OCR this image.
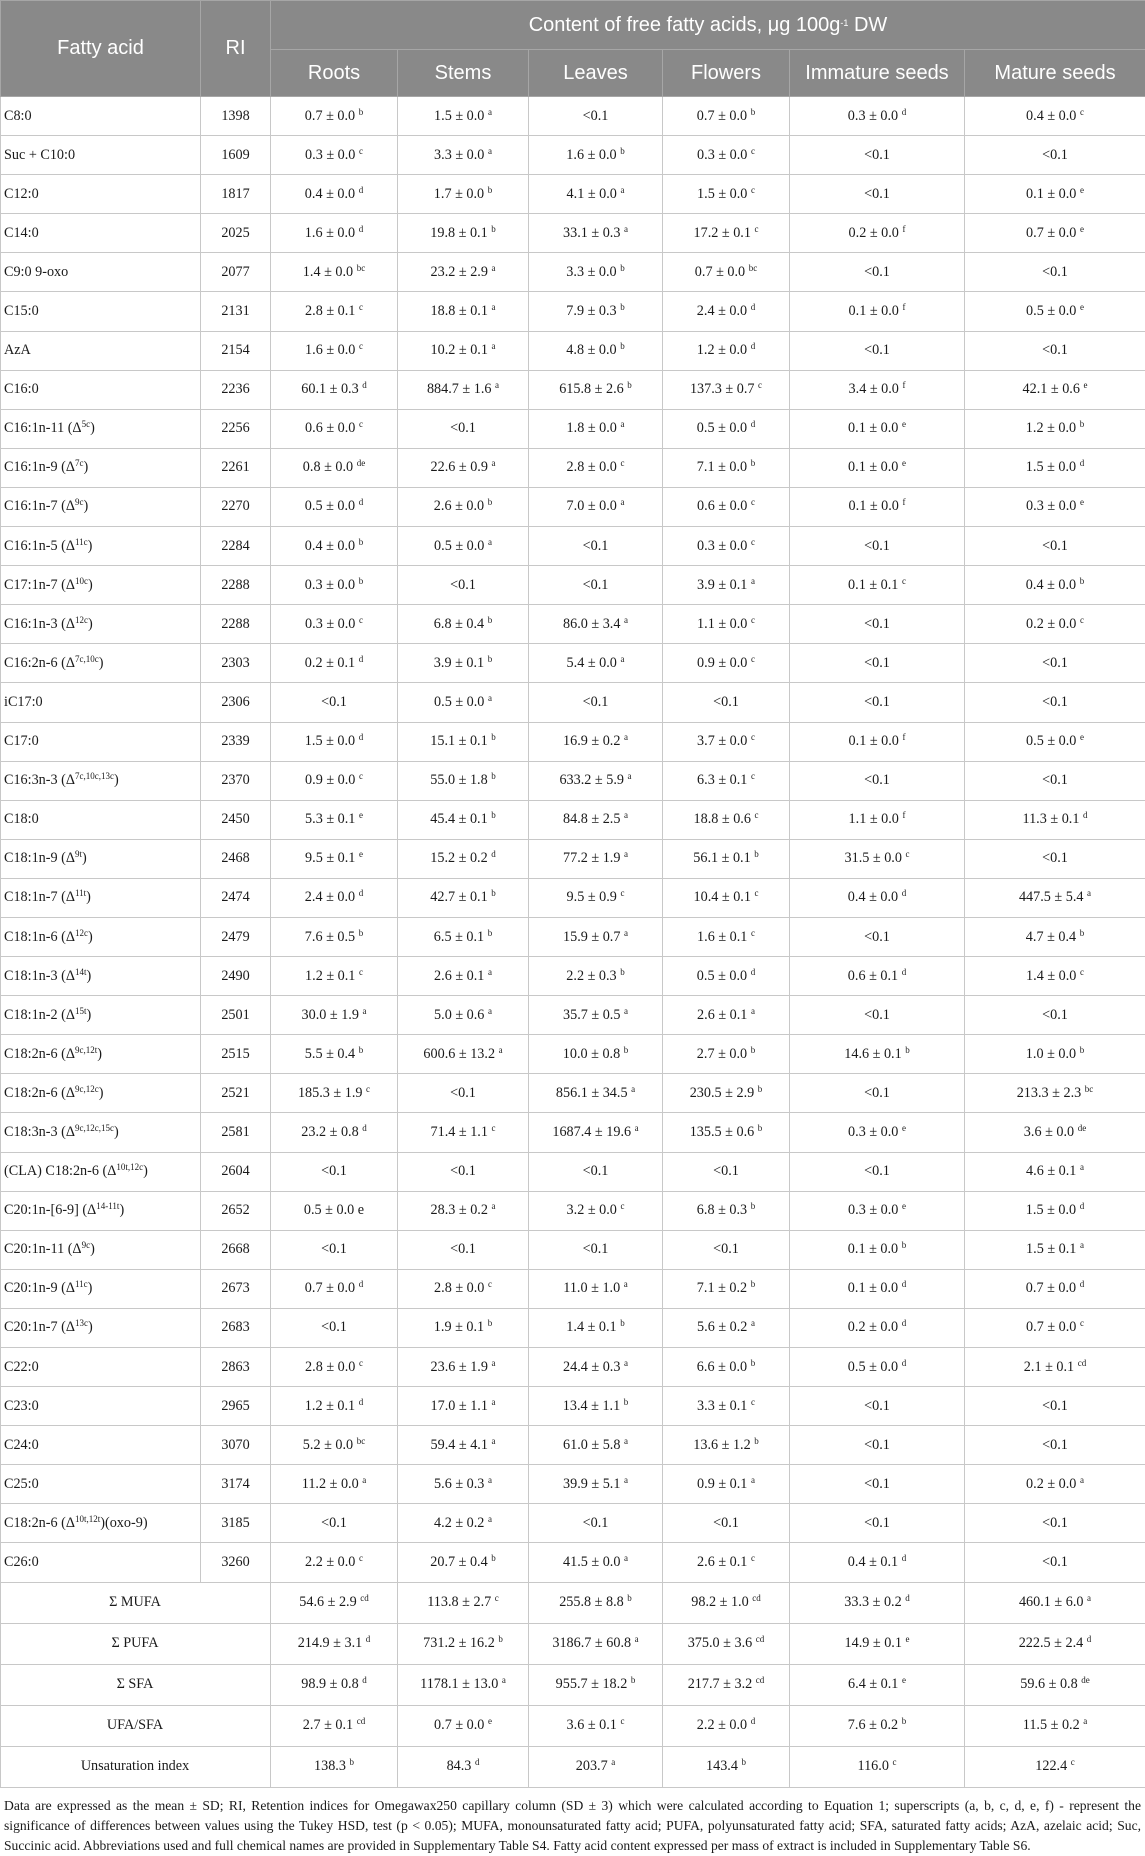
Fatty acid	RI	Content of free fatty acids, μg $100g^{-1}$ DW					
		Roots	Stems	Leaves	Flowers	Immature seeds	Mature seeds
C8:0	1398	0.7 ± 0.0 $^b$	1.5 ± 0.0 $^a$	<0.1	0.7 ± 0.0 $^b$	0.3 ± 0.0 $^d$	0.4 ± 0.0 $^c$
Suc + C10:0	1609	0.3 ± 0.0 $^c$	3.3 ± 0.0 $^a$	1.6 ± 0.0 $^b$	0.3 ± 0.0 $^c$	<0.1	<0.1
C12:0	1817	0.4 ± 0.0 $^d$	1.7 ± 0.0 $^b$	4.1 ± 0.0 $^a$	1.5 ± 0.0 $^c$	<0.1	0.1 ± 0.0 $^e$
C14:0	2025	1.6 ± 0.0 $^d$	19.8 ± 0.1 $^b$	33.1 ± 0.3 $^a$	17.2 ± 0.1 $^c$	0.2 ± 0.0 $^f$	0.7 ± 0.0 $^e$
C9:0 9-oxo	2077	1.4 ± 0.0 $^{bc}$	23.2 ± 2.9 $^a$	3.3 ± 0.0 $^b$	0.7 ± 0.0 $^{bc}$	<0.1	<0.1
C15:0	2131	2.8 ± 0.1 $^c$	18.8 ± 0.1 $^a$	7.9 ± 0.3 $^b$	2.4 ± 0.0 $^d$	0.1 ± 0.0 $^f$	0.5 ± 0.0 $^e$
AzA	2154	1.6 ± 0.0 $^c$	10.2 ± 0.1 $^a$	4.8 ± 0.0 $^b$	1.2 ± 0.0 $^d$	<0.1	<0.1
C16:0	2236	60.1 ± 0.3 $^d$	884.7 ± 1.6 $^a$	615.8 ± 2.6 $^b$	137.3 ± 0.7 $^c$	3.4 ± 0.0 $^f$	42.1 ± 0.6 $^e$
C16:1n-11 $(\Delta^{5c})$	2256	0.6 ± 0.0 $^c$	<0.1	1.8 ± 0.0 $^a$	0.5 ± 0.0 $^d$	0.1 ± 0.0 $^e$	1.2 ± 0.0 $^b$
C16:1n-9 $(\Delta^{7c})$	2261	0.8 ± 0.0 $^{de}$	22.6 ± 0.9 $^a$	2.8 ± 0.0 $^c$	7.1 ± 0.0 $^b$	0.1 ± 0.0 $^e$	1.5 ± 0.0 $^d$
C16:1n-7 $(\Delta^{9c})$	2270	0.5 ± 0.0 $^d$	2.6 ± 0.0 $^b$	7.0 ± 0.0 $^a$	0.6 ± 0.0 $^c$	0.1 ± 0.0 $^f$	0.3 ± 0.0 $^e$
C16:1n-5 $(\Delta^{11c})$	2284	0.4 ± 0.0 $^b$	0.5 ± 0.0 $^a$	<0.1	0.3 ± 0.0 $^c$	<0.1	<0.1
C17:1n-7 $(\Delta^{10c})$	2288	0.3 ± 0.0 $^b$	<0.1	<0.1	3.9 ± 0.1 $^a$	0.1 ± 0.1 $^c$	0.4 ± 0.0 $^b$
C16:1n-3 $(\Delta^{12c})$	2288	0.3 ± 0.0 $^c$	6.8 ± 0.4 $^b$	86.0 ± 3.4 $^a$	1.1 ± 0.0 $^c$	<0.1	0.2 ± 0.0 $^c$
C16:2n-6 $(\Delta^{7c,10c})$	2303	0.2 ± 0.1 $^d$	3.9 ± 0.1 $^b$	5.4 ± 0.0 $^a$	0.9 ± 0.0 $^c$	<0.1	<0.1
iC17:0	2306	<0.1	0.5 ± 0.0 $^a$	<0.1	<0.1	<0.1	<0.1
C17:0	2339	1.5 ± 0.0 $^d$	15.1 ± 0.1 $^b$	16.9 ± 0.2 $^a$	3.7 ± 0.0 $^c$	0.1 ± 0.0 $^f$	0.5 ± 0.0 $^e$
C16:3n-3 $(\Delta^{7c,10c,13c})$	2370	0.9 ± 0.0 $^c$	55.0 ± 1.8 $^b$	633.2 ± 5.9 $^a$	6.3 ± 0.1 $^c$	<0.1	<0.1
C18:0	2450	5.3 ± 0.1 $^e$	45.4 ± 0.1 $^b$	84.8 ± 2.5 $^a$	18.8 ± 0.6 $^c$	1.1 ± 0.0 $^f$	11.3 ± 0.1 $^d$
C18:1n-9 $(\Delta^{9t})$	2468	9.5 ± 0.1 $^e$	15.2 ± 0.2 $^d$	77.2 ± 1.9 $^a$	56.1 ± 0.1 $^b$	31.5 ± 0.0 $^c$	<0.1
C18:1n-7 $(\Delta^{11t})$	2474	2.4 ± 0.0 $^d$	42.7 ± 0.1 $^b$	9.5 ± 0.9 $^c$	10.4 ± 0.1 $^c$	0.4 ± 0.0 $^d$	447.5 ± 5.4 $^a$
C18:1n-6 $(\Delta^{12c})$	2479	7.6 ± 0.5 $^b$	6.5 ± 0.1 $^b$	15.9 ± 0.7 $^a$	1.6 ± 0.1 $^c$	<0.1	4.7 ± 0.4 $^b$
C18:1n-3 $(\Delta^{14t})$	2490	1.2 ± 0.1 $^c$	2.6 ± 0.1 $^a$	2.2 ± 0.3 $^b$	0.5 ± 0.0 $^d$	0.6 ± 0.1 $^d$	1.4 ± 0.0 $^c$
C18:1n-2 $(\Delta^{15t})$	2501	30.0 ± 1.9 $^a$	5.0 ± 0.6 $^a$	35.7 ± 0.5 $^a$	2.6 ± 0.1 $^a$	<0.1	<0.1
C18:2n-6 $(\Delta^{9c,12t})$	2515	5.5 ± 0.4 $^b$	600.6 ± 13.2 $^a$	10.0 ± 0.8 $^b$	2.7 ± 0.0 $^b$	14.6 ± 0.1 $^b$	1.0 ± 0.0 $^b$
C18:2n-6 $(\Delta^{9c,12c})$	2521	185.3 ± 1.9 $^c$	<0.1	856.1 ± 34.5 $^a$	230.5 ± 2.9 $^b$	<0.1	213.3 ± 2.3 $^{bc}$
C18:3n-3 $(\Delta^{9c,12c,15c})$	2581	23.2 ± 0.8 $^d$	71.4 ± 1.1 $^c$	1687.4 ± 19.6 $^a$	135.5 ± 0.6 $^b$	0.3 ± 0.0 $^e$	3.6 ± 0.0 $^{de}$
(CLA) C18:2n-6 $(\Delta^{10t,12c})$	2604	<0.1	<0.1	<0.1	<0.1	<0.1	4.6 ± 0.1 $^a$
C20:1n-[6-9] $(\Delta^{14-11t})$	2652	0.5 ± 0.0 e	28.3 ± 0.2 $^a$	3.2 ± 0.0 $^c$	6.8 ± 0.3 $^b$	0.3 ± 0.0 $^e$	1.5 ± 0.0 $^d$
C20:1n-11 $(\Delta^{9c})$	2668	<0.1	<0.1	<0.1	<0.1	0.1 ± 0.0 $^b$	1.5 ± 0.1 $^a$
C20:1n-9 $(\Delta^{11c})$	2673	0.7 ± 0.0 $^d$	2.8 ± 0.0 $^c$	11.0 ± 1.0 $^a$	7.1 ± 0.2 $^b$	0.1 ± 0.0 $^d$	0.7 ± 0.0 $^d$
C20:1n-7 $(\Delta^{13c})$	2683	<0.1	1.9 ± 0.1 $^b$	1.4 ± 0.1 $^b$	5.6 ± 0.2 $^a$	0.2 ± 0.0 $^d$	0.7 ± 0.0 $^c$
C22:0	2863	2.8 ± 0.0 $^c$	23.6 ± 1.9 $^a$	24.4 ± 0.3 $^a$	6.6 ± 0.0 $^b$	0.5 ± 0.0 $^d$	2.1 ± 0.1 $^{cd}$
C23:0	2965	1.2 ± 0.1 $^d$	17.0 ± 1.1 $^a$	13.4 ± 1.1 $^b$	3.3 ± 0.1 $^c$	<0.1	<0.1
C24:0	3070	5.2 ± 0.0 $^{bc}$	59.4 ± 4.1 $^a$	61.0 ± 5.8 $^a$	13.6 ± 1.2 $^b$	<0.1	<0.1
C25:0	3174	11.2 ± 0.0 $^a$	5.6 ± 0.3 $^a$	39.9 ± 5.1 $^a$	0.9 ± 0.1 $^a$	<0.1	0.2 ± 0.0 $^a$
C18:2n-6 $(\Delta^{10t,12t})(oxo-9)$	3185	<0.1	4.2 ± 0.2 $^a$	<0.1	<0.1	<0.1	<0.1
C26:0	3260	2.2 ± 0.0 $^c$	20.7 ± 0.4 $^b$	41.5 ± 0.0 $^a$	2.6 ± 0.1 $^c$	0.4 ± 0.1 $^d$	<0.1
Σ MUFA		54.6 ± 2.9 $^{cd}$	113.8 ± 2.7 $^c$	255.8 ± 8.8 $^b$	98.2 ± 1.0 $^{cd}$	33.3 ± 0.2 $^d$	460.1 ± 6.0 $^a$
Σ PUFA		214.9 ± 3.1 $^d$	731.2 ± 16.2 $^b$	3186.7 ± 60.8 $^a$	375.0 ± 3.6 $^{cd}$	14.9 ± 0.1 $^e$	222.5 ± 2.4 $^d$
Σ SFA		98.9 ± 0.8 $^d$	1178.1 ± 13.0 $^a$	955.7 ± 18.2 $^b$	217.7 ± 3.2 $^{cd}$	6.4 ± 0.1 $^e$	59.6 ± 0.8 $^{de}$
UFA/SFA		2.7 ± 0.1 $^{cd}$	0.7 ± 0.0 $^e$	3.6 ± 0.1 $^c$	2.2 ± 0.0 $^d$	7.6 ± 0.2 $^b$	11.5 ± 0.2 $^a$
Unsaturation index		138.3 $^b$	84.3 $^d$	203.7 $^a$	143.4 $^b$	116.0 $^c$	122.4 $^c$
Data are expressed as the mean ± SD; RI, Retention indices for Omegawax250 capillary column (SD ± 3) which were calculated according to Equation 1; superscripts (a, b, c, d, e, f) - represent the significance of differences between values using the Tukey HSD, test (p < 0.05); MUFA, monounsaturated fatty acid; PUFA, polyunsaturated fatty acid; SFA, saturated fatty acids; AzA, azelaic acid; Suc, Succinic acid. Abbreviations used and full chemical names are provided in Supplementary Table S4. Fatty acid content expressed per mass of extract is included in Supplementary Table S6.
